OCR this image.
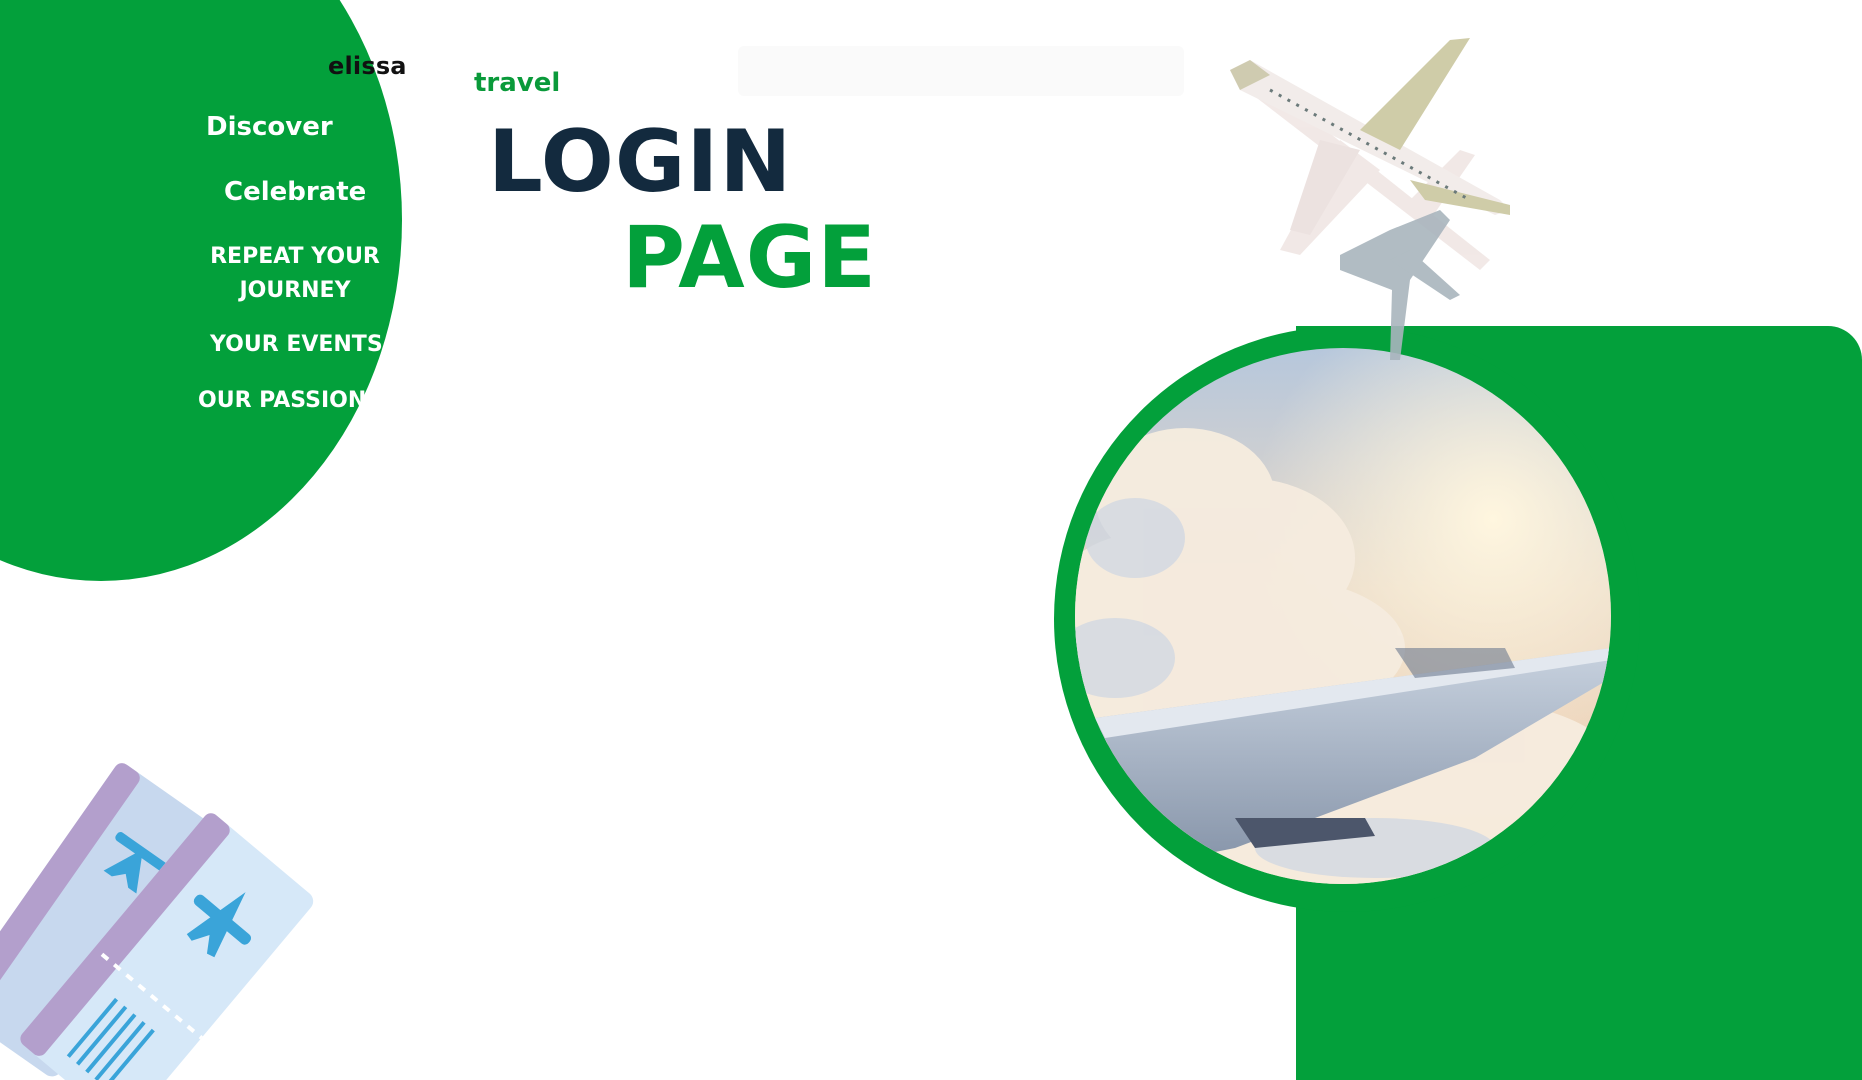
elissa
Discover
Celebrate
REPEAT YOUR JOURNEY
YOUR EVENTS
OUR PASSION
travel
LOGIN
PAGE
